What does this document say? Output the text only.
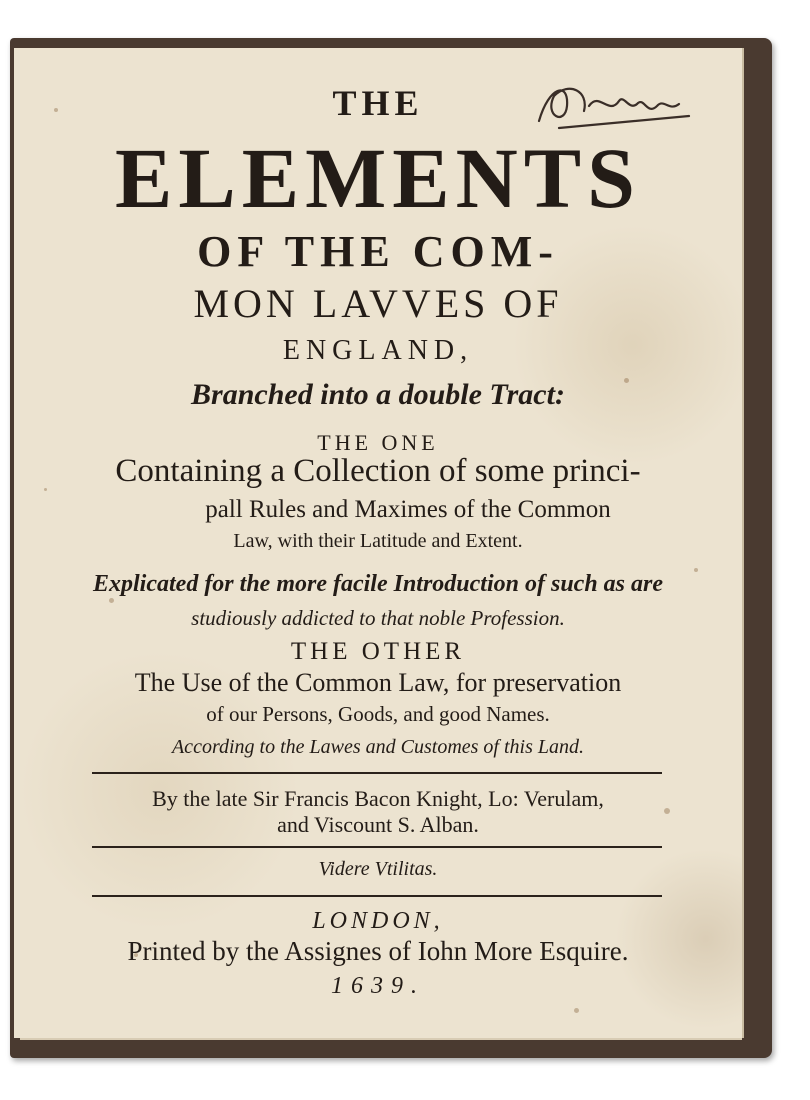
THE
ELEMENTS
OF THE COM-
MON LAVVES OF
ENGLAND,
Branched into a double Tract:
THE ONE
Containing a Collection of some princi-
pall Rules and Maximes of the Common
Law, with their Latitude and Extent.
Explicated for the more facile Introduction of such as are
studiously addicted to that noble Profession.
THE OTHER
The Use of the Common Law, for preservation
of our Persons, Goods, and good Names.
According to the Lawes and Customes of this Land.
By the late Sir Francis Bacon Knight, Lo: Verulam,
and Viscount S. Alban.
Videre Vtilitas.
LONDON,
Printed by the Assignes of Iohn More Esquire.
1639.
